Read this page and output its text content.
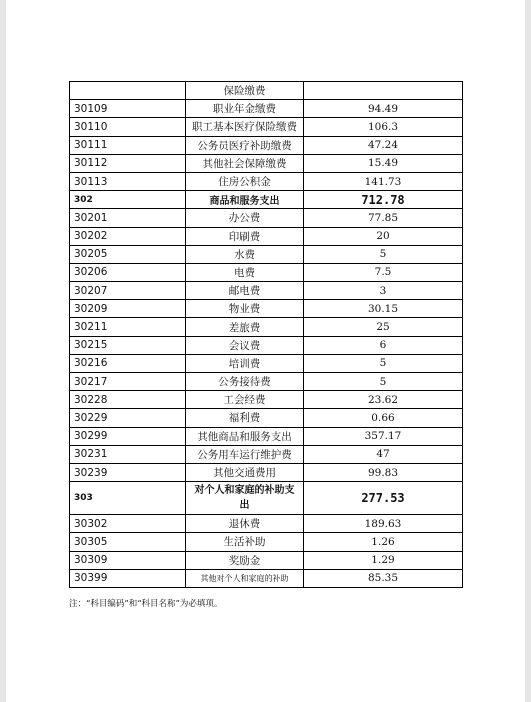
	保险缴费	
30109	职业年金缴费	94.49
30110	职工基本医疗保险缴费	106.3
30111	公务员医疗补助缴费	47.24
30112	其他社会保障缴费	15.49
30113	住房公积金	141.73
302	商品和服务支出	712.78
30201	办公费	77.85
30202	印刷费	20
30205	水费	5
30206	电费	7.5
30207	邮电费	3
30209	物业费	30.15
30211	差旅费	25
30215	会议费	6
30216	培训费	5
30217	公务接待费	5
30228	工会经费	23.62
30229	福利费	0.66
30299	其他商品和服务支出	357.17
30231	公务用车运行维护费	47
30239	其他交通费用	99.83
303	对个人和家庭的补助支出	277.53
30302	退休费	189.63
30305	生活补助	1.26
30309	奖励金	1.29
30399	其他对个人和家庭的补助	85.35
注：“科目编码”和“科目名称”为必填项。
